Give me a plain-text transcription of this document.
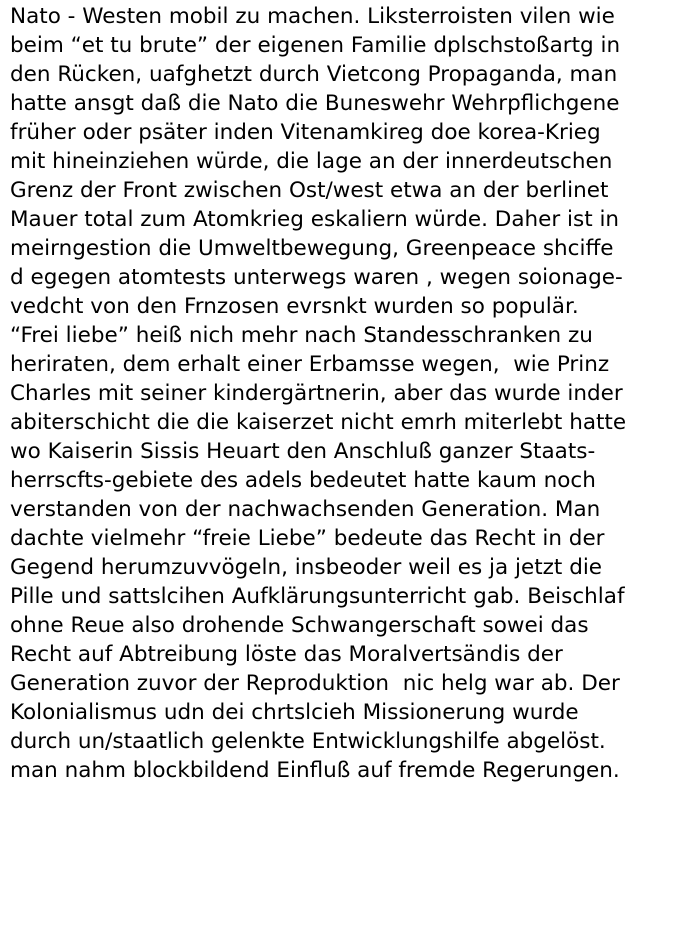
Nato - Westen mobil zu machen. Liksterroisten vilen wie
beim “et tu brute” der eigenen Familie dplschstoßartg in
den Rücken, uafghetzt durch Vietcong Propaganda, man
hatte ansgt daß die Nato die Buneswehr Wehrpflichgene
früher oder psäter inden Vitenamkireg doe korea-Krieg
mit hineinziehen würde, die lage an der innerdeutschen
Grenz der Front zwischen Ost/west etwa an der berlinet
Mauer total zum Atomkrieg eskaliern würde. Daher ist in
meirngestion die Umweltbewegung, Greenpeace shciffe
d egegen atomtests unterwegs waren , wegen soionage-
vedcht von den Frnzosen evrsnkt wurden so populär.
“Frei liebe” heiß nich mehr nach Standesschranken zu
heriraten, dem erhalt einer Erbamsse wegen,  wie Prinz
Charles mit seiner kindergärtnerin, aber das wurde inder
abiterschicht die die kaiserzet nicht emrh miterlebt hatte
wo Kaiserin Sissis Heuart den Anschluß ganzer Staats-
herrscfts-gebiete des adels bedeutet hatte kaum noch
verstanden von der nachwachsenden Generation. Man
dachte vielmehr “freie Liebe” bedeute das Recht in der
Gegend herumzuvvögeln, insbeoder weil es ja jetzt die
Pille und sattslcihen Aufklärungsunterricht gab. Beischlaf
ohne Reue also drohende Schwangerschaft sowei das
Recht auf Abtreibung löste das Moralvertsändis der
Generation zuvor der Reproduktion  nic helg war ab. Der
Kolonialismus udn dei chrtslcieh Missionerung wurde
durch un/staatlich gelenkte Entwicklungshilfe abgelöst.
man nahm blockbildend Einfluß auf fremde Regerungen.
